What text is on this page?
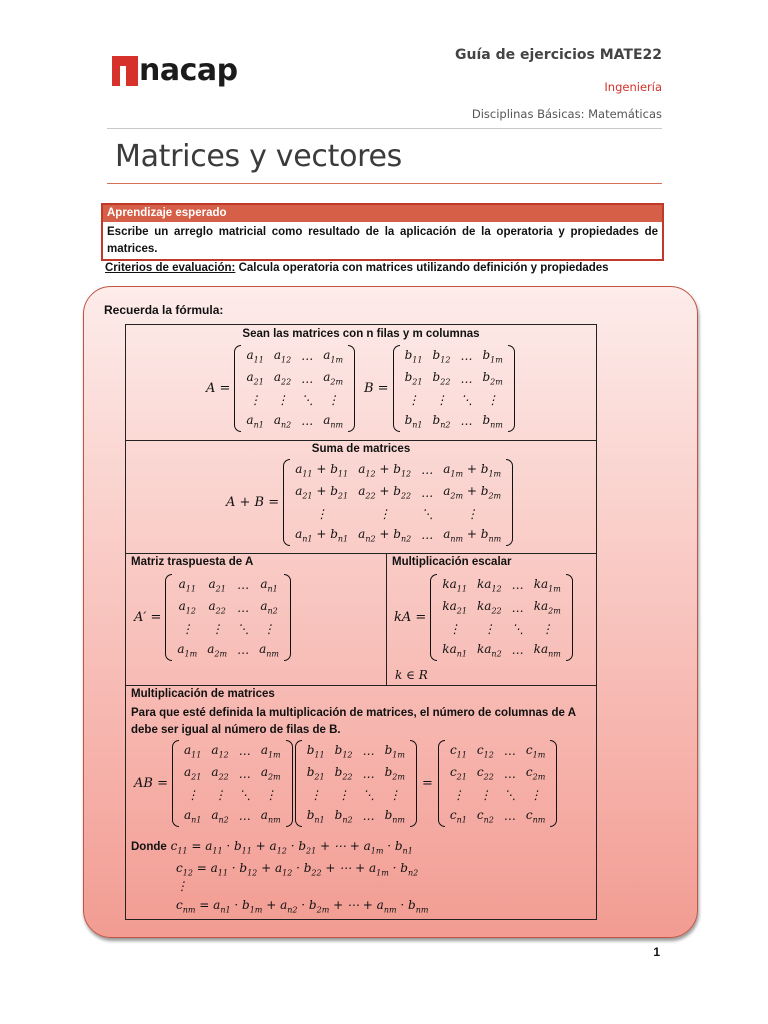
nacap	Guía de ejercicios MATE22
Ingeniería
Disciplinas Básicas: Matemáticas
Matrices y vectores
Aprendizaje esperado
Escribe un arreglo matricial como resultado de la aplicación de la operatoria y propiedades de matrices.
Criterios de evaluación: Calcula operatoria con matrices utilizando definición y propiedades
Recuerda la fórmula:
Sean las matrices con n filas y m columnas
A =
$a_{11}$	$a_{12}$	…	$a_{1m}$
$a_{21}$	$a_{22}$	…	$a_{2m}$
⋮	⋮	⋱	⋮
$a_{n1}$	$a_{n2}$	…	$a_{nm}$
B =
$b_{11}$	$b_{12}$	…	$b_{1m}$
$b_{21}$	$b_{22}$	…	$b_{2m}$
⋮	⋮	⋱	⋮
$b_{n1}$	$b_{n2}$	…	$b_{nm}$
Suma de matrices
A + B =
$a_{11} + b_{11}$	$a_{12} + b_{12}$	…	$a_{1m} + b_{1m}$
$a_{21} + b_{21}$	$a_{22} + b_{22}$	…	$a_{2m} + b_{2m}$
⋮	⋮	⋱	⋮
$a_{n1} + b_{n1}$	$a_{n2} + b_{n2}$	…	$a_{nm} + b_{nm}$
Matriz traspuesta de A
A′ =
$a_{11}$	$a_{21}$	…	$a_{n1}$
$a_{12}$	$a_{22}$	…	$a_{n2}$
⋮	⋮	⋱	⋮
$a_{1m}$	$a_{2m}$	…	$a_{nm}$
Multiplicación escalar
kA =
$ka_{11}$	$ka_{12}$	…	$ka_{1m}$
$ka_{21}$	$ka_{22}$	…	$ka_{2m}$
⋮	⋮	⋱	⋮
$ka_{n1}$	$ka_{n2}$	…	$ka_{nm}$
k ∈ R
Multiplicación de matrices
Para que esté definida la multiplicación de matrices, el número de columnas de A debe ser igual al número de filas de B.
AB =
$a_{11}$	$a_{12}$	…	$a_{1m}$
$a_{21}$	$a_{22}$	…	$a_{2m}$
⋮	⋮	⋱	⋮
$a_{n1}$	$a_{n2}$	…	$a_{nm}$
$b_{11}$	$b_{12}$	…	$b_{1m}$
$b_{21}$	$b_{22}$	…	$b_{2m}$
⋮	⋮	⋱	⋮
$b_{n1}$	$b_{n2}$	…	$b_{nm}$
=
$c_{11}$	$c_{12}$	…	$c_{1m}$
$c_{21}$	$c_{22}$	…	$c_{2m}$
⋮	⋮	⋱	⋮
$c_{n1}$	$c_{n2}$	…	$c_{nm}$
Donde $c_{11} = a_{11} \cdot b_{11} + a_{12} \cdot b_{21}$ + ⋯ + $a_{1m} \cdot b_{n1}$
$c_{12} = a_{11} \cdot b_{12} + a_{12} \cdot b_{22}$ + ⋯ + $a_{1m} \cdot b_{n2}$
⋮
$c_{nm} = a_{n1} \cdot b_{1m} + a_{n2} \cdot b_{2m}$ + ⋯ + $a_{nm} \cdot b_{nm}$
1
